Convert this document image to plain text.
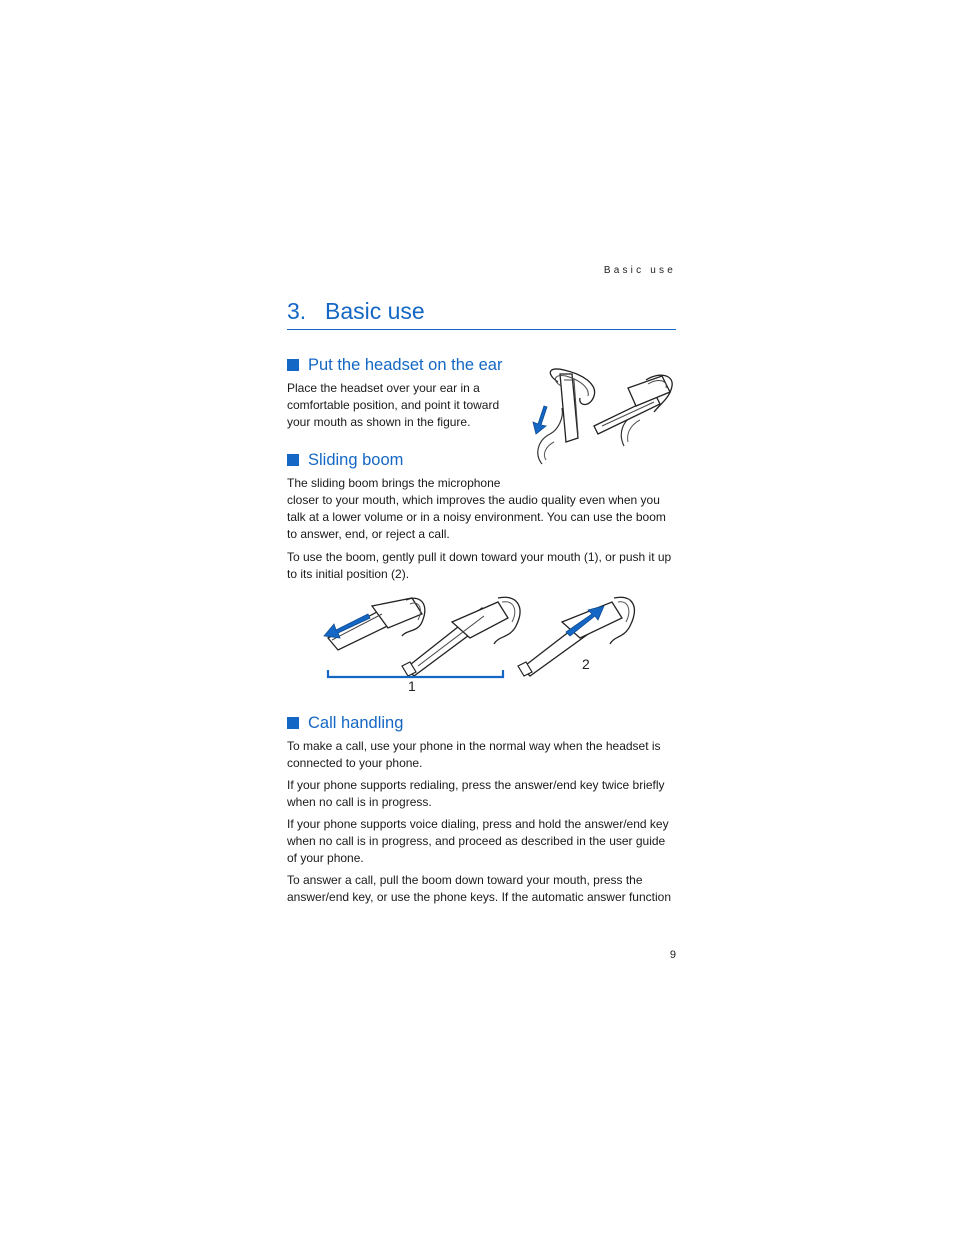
Basic use
3. Basic use
Put the headset on the ear

Place the headset over your ear in a comfortable position, and point it toward your mouth as shown in the figure.

Sliding boom

The sliding boom brings the microphone

closer to your mouth, which improves the audio quality even when you talk at a lower volume or in a noisy environment. You can use the boom to answer, end, or reject a call.

To use the boom, gently pull it down toward your mouth (1), or push it up to its initial position (2).

1
2
Call handling

To make a call, use your phone in the normal way when the headset is connected to your phone.

If your phone supports redialing, press the answer/end key twice briefly when no call is in progress.

If your phone supports voice dialing, press and hold the answer/end key when no call is in progress, and proceed as described in the user guide of your phone.

To answer a call, pull the boom down toward your mouth, press the answer/end key, or use the phone keys. If the automatic answer function

9
